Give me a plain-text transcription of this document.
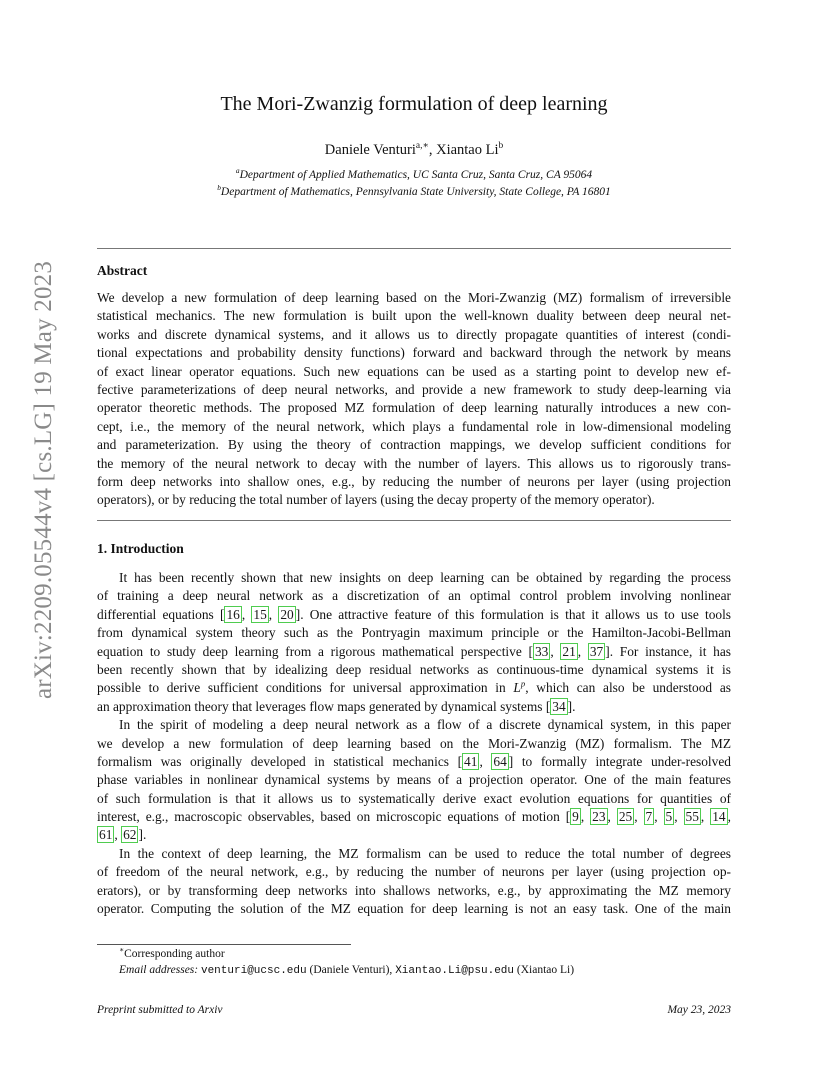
arXiv:2209.05544v4 [cs.LG] 19 May 2023
The Mori-Zwanzig formulation of deep learning
Daniele Venturi$^{a,∗}$, Xiantao Li$^b$
$^a$Department of Applied Mathematics, UC Santa Cruz, Santa Cruz, CA 95064
$^b$Department of Mathematics, Pennsylvania State University, State College, PA 16801
Abstract
We develop a new formulation of deep learning based on the Mori-Zwanzig (MZ) formalism of irreversible
statistical mechanics. The new formulation is built upon the well-known duality between deep neural net-
works and discrete dynamical systems, and it allows us to directly propagate quantities of interest (condi-
tional expectations and probability density functions) forward and backward through the network by means
of exact linear operator equations. Such new equations can be used as a starting point to develop new ef-
fective parameterizations of deep neural networks, and provide a new framework to study deep-learning via
operator theoretic methods. The proposed MZ formulation of deep learning naturally introduces a new con-
cept, i.e., the memory of the neural network, which plays a fundamental role in low-dimensional modeling
and parameterization. By using the theory of contraction mappings, we develop sufficient conditions for
the memory of the neural network to decay with the number of layers. This allows us to rigorously trans-
form deep networks into shallow ones, e.g., by reducing the number of neurons per layer (using projection
operators), or by reducing the total number of layers (using the decay property of the memory operator).
1. Introduction
It has been recently shown that new insights on deep learning can be obtained by regarding the process
of training a deep neural network as a discretization of an optimal control problem involving nonlinear
differential equations [ 16 , 15 , 20 ]. One attractive feature of this formulation is that it allows us to use tools
from dynamical system theory such as the Pontryagin maximum principle or the Hamilton-Jacobi-Bellman
equation to study deep learning from a rigorous mathematical perspective [ 33 , 21 , 37 ]. For instance, it has
been recently shown that by idealizing deep residual networks as continuous-time dynamical systems it is
possible to derive sufficient conditions for universal approximation in $L^p$, which can also be understood as
an approximation theory that leverages flow maps generated by dynamical systems [ 34 ].
In the spirit of modeling a deep neural network as a flow of a discrete dynamical system, in this paper
we develop a new formulation of deep learning based on the Mori-Zwanzig (MZ) formalism. The MZ
formalism was originally developed in statistical mechanics [ 41 , 64 ] to formally integrate under-resolved
phase variables in nonlinear dynamical systems by means of a projection operator. One of the main features
of such formulation is that it allows us to systematically derive exact evolution equations for quantities of
interest, e.g., macroscopic observables, based on microscopic equations of motion [ 9 , 23 , 25 , 7 , 5 , 55 , 14 ,
61 , 62 ].
In the context of deep learning, the MZ formalism can be used to reduce the total number of degrees
of freedom of the neural network, e.g., by reducing the number of neurons per layer (using projection op-
erators), or by transforming deep networks into shallows networks, e.g., by approximating the MZ memory
operator. Computing the solution of the MZ equation for deep learning is not an easy task. One of the main
∗Corresponding author
Email addresses: venturi@ucsc.edu (Daniele Venturi), Xiantao.Li@psu.edu (Xiantao Li)
Preprint submitted to Arxiv	May 23, 2023
